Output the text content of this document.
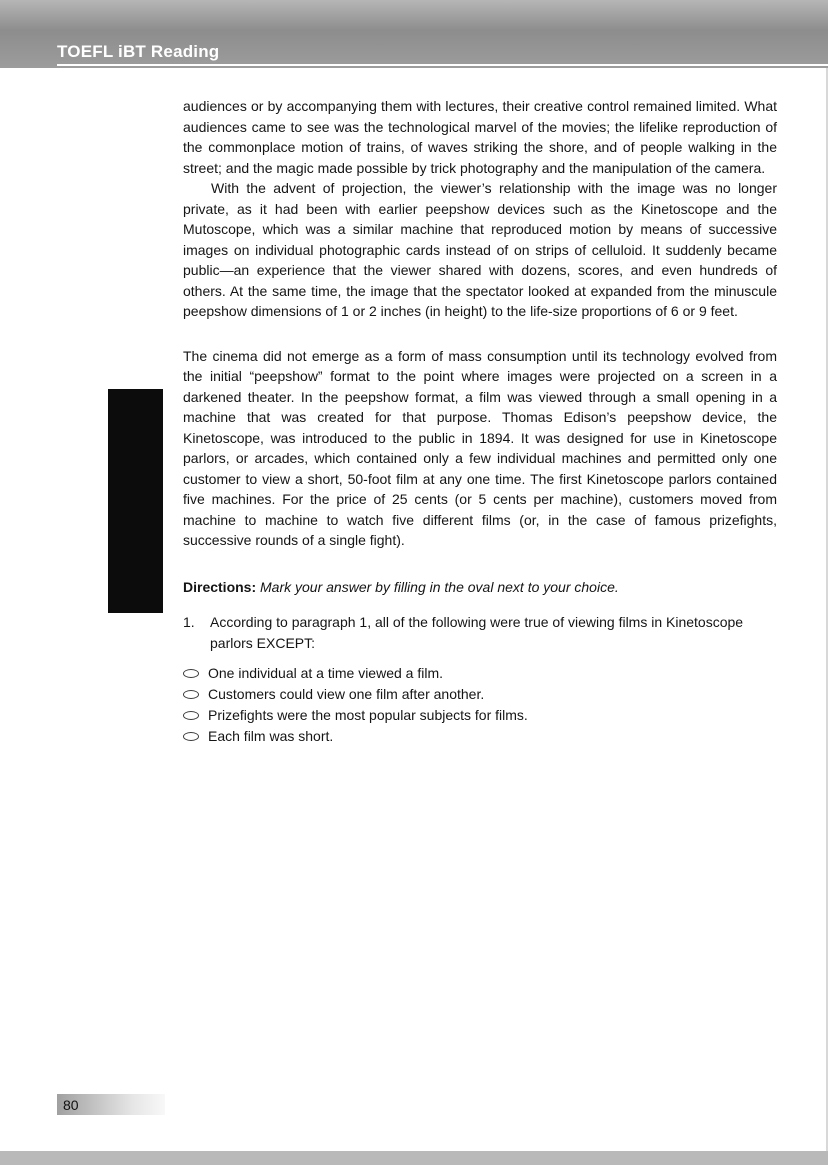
TOEFL iBT Reading

audiences or by accompanying them with lectures, their creative control remained limited. What audiences came to see was the technological marvel of the movies; the lifelike reproduction of the commonplace motion of trains, of waves striking the shore, and of people walking in the street; and the magic made possible by trick photography and the manipulation of the camera.

With the advent of projection, the viewer’s relationship with the image was no longer private, as it had been with earlier peepshow devices such as the Kinetoscope and the Mutoscope, which was a similar machine that reproduced motion by means of successive images on individual photographic cards instead of on strips of celluloid. It suddenly became public—an experience that the viewer shared with dozens, scores, and even hundreds of others. At the same time, the image that the spectator looked at expanded from the minuscule peepshow dimensions of 1 or 2 inches (in height) to the life-size proportions of 6 or 9 feet.

The cinema did not emerge as a form of mass consumption until its technology evolved from the initial “peepshow” format to the point where images were projected on a screen in a darkened theater. In the peepshow format, a film was viewed through a small opening in a machine that was created for that purpose. Thomas Edison’s peepshow device, the Kinetoscope, was introduced to the public in 1894. It was designed for use in Kinetoscope parlors, or arcades, which contained only a few individual machines and permitted only one customer to view a short, 50-foot film at any one time. The first Kinetoscope parlors contained five machines. For the price of 25 cents (or 5 cents per machine), customers moved from machine to machine to watch five different films (or, in the case of famous prizefights, successive rounds of a single fight).

Directions: Mark your answer by filling in the oval next to your choice.

1.	According to paragraph 1, all of the following were true of viewing films in Kinetoscope parlors EXCEPT:
One individual at a time viewed a film.
Customers could view one film after another.
Prizefights were the most popular subjects for films.
Each film was short.
80
